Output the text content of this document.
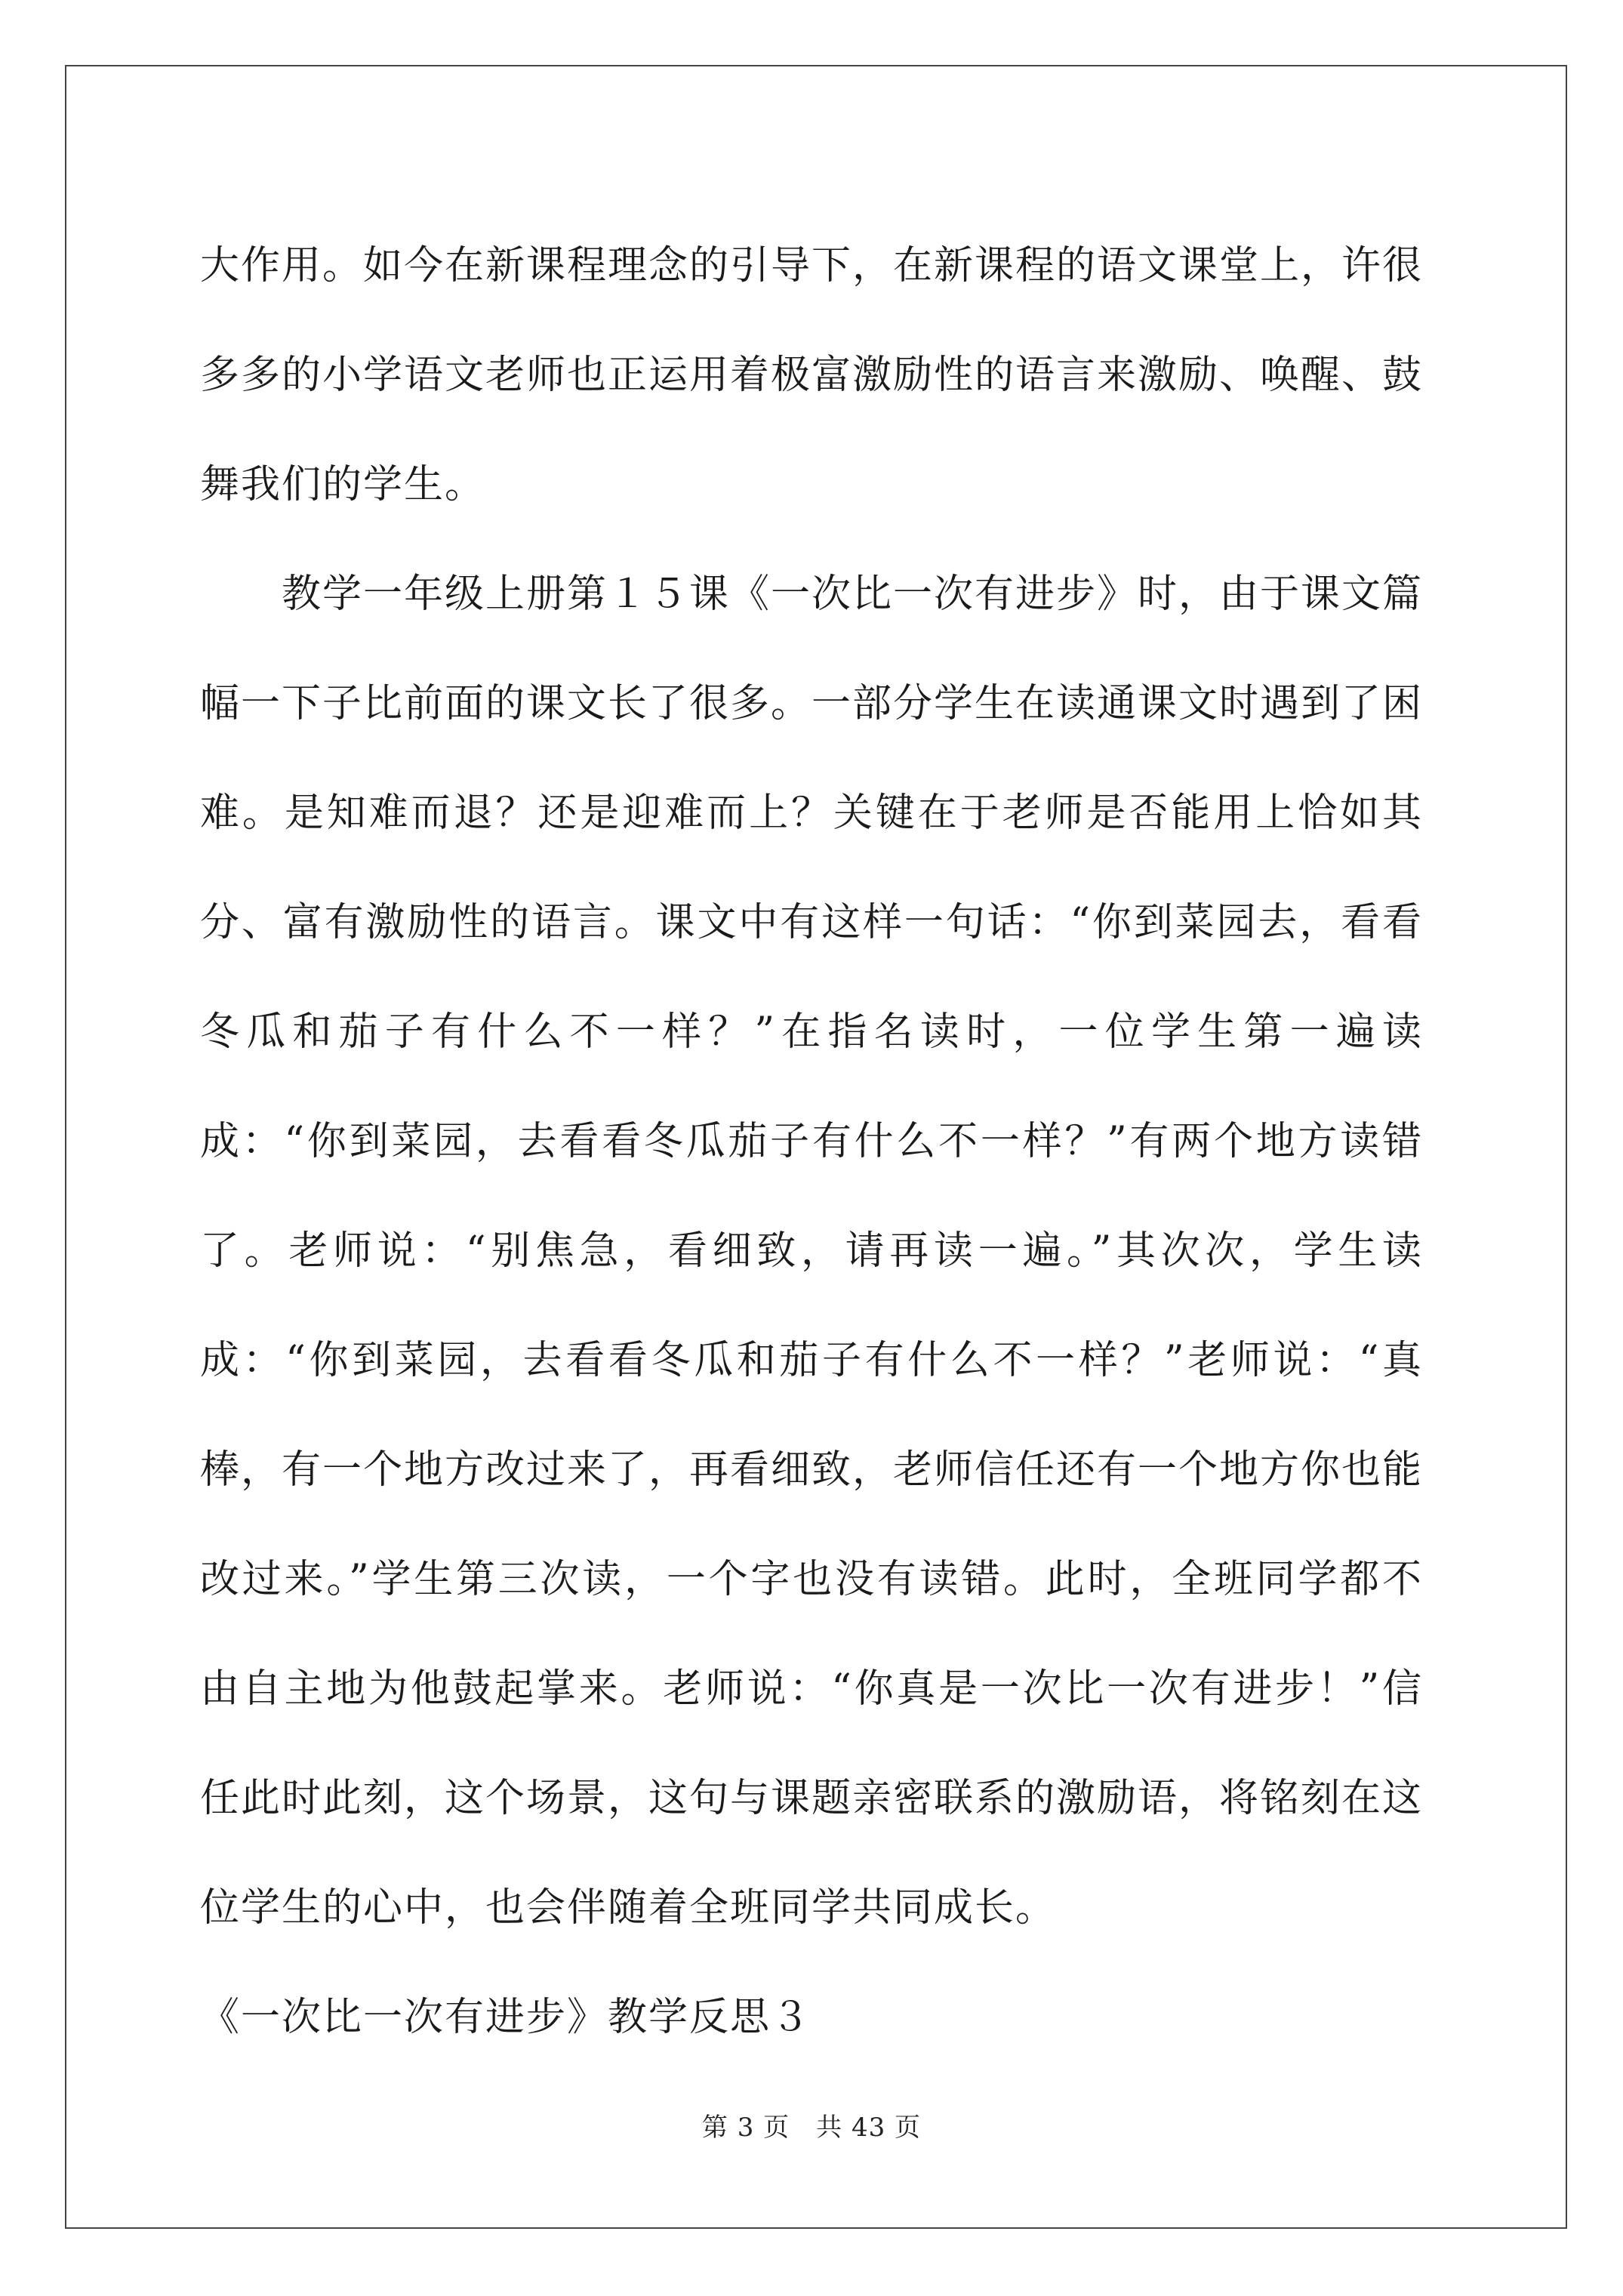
大作用。如今在新课程理念的引导下，在新课程的语文课堂上，许很多多的小学语文老师也正运用着极富激励性的语言来激励、唤醒、鼓舞我们的学生。

教学一年级上册第１５课《一次比一次有进步》时，由于课文篇幅一下子比前面的课文长了很多。一部分学生在读通课文时遇到了困难。是知难而退？还是迎难而上？关键在于老师是否能用上恰如其分、富有激励性的语言。课文中有这样一句话：“你到菜园去，看看冬瓜和茄子有什么不一样？”在指名读时，一位学生第一遍读成：“你到菜园，去看看冬瓜茄子有什么不一样？”有两个地方读错了。老师说：“别焦急，看细致，请再读一遍。”其次次，学生读成：“你到菜园，去看看冬瓜和茄子有什么不一样？”老师说：“真棒，有一个地方改过来了，再看细致，老师信任还有一个地方你也能改过来。”学生第三次读，一个字也没有读错。此时，全班同学都不由自主地为他鼓起掌来。老师说：“你真是一次比一次有进步！”信任此时此刻，这个场景，这句与课题亲密联系的激励语，将铭刻在这位学生的心中，也会伴随着全班同学共同成长。

《一次比一次有进步》教学反思３

第 3 页　共 43 页
